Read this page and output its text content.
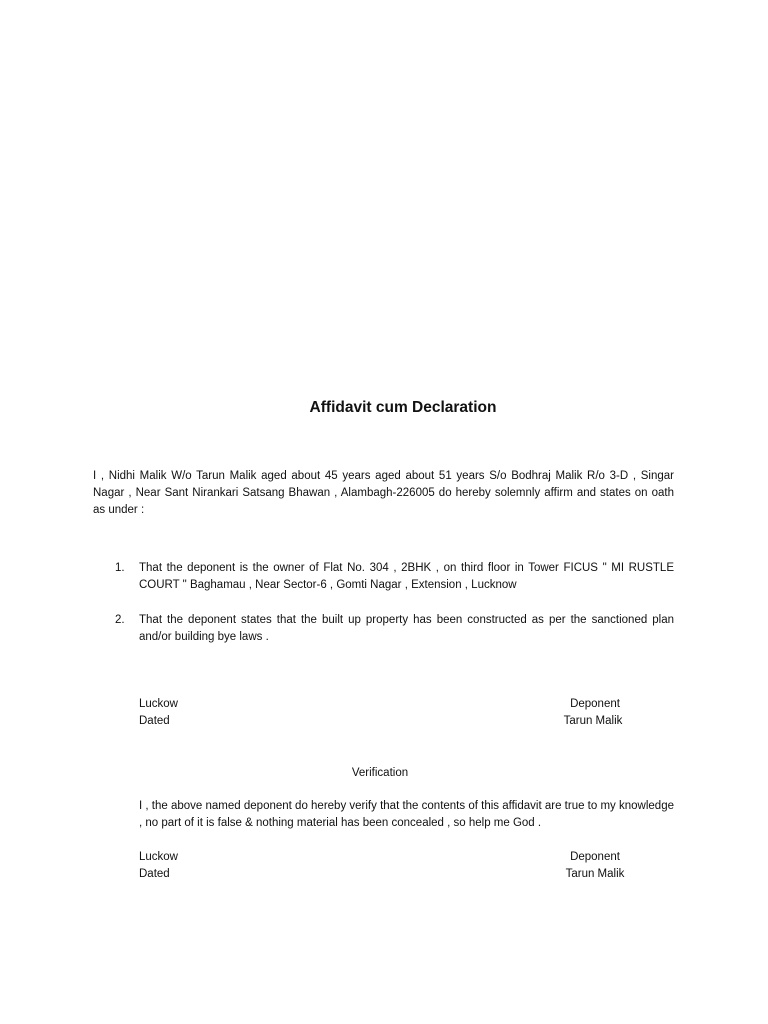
Affidavit cum Declaration
I , Nidhi Malik W/o Tarun Malik aged about 45 years aged about 51 years S/o Bodhraj Malik R/o 3-D , Singar Nagar , Near Sant Nirankari Satsang Bhawan , Alambagh-226005 do hereby solemnly affirm and states on oath as under :
1. That the deponent is the owner of Flat No. 304 , 2BHK , on third floor in Tower FICUS " MI RUSTLE COURT " Baghamau , Near Sector-6 , Gomti Nagar , Extension , Lucknow
2. That the deponent states that the built up property has been constructed as per the sanctioned plan and/or building bye laws .
Luckow
Dated
Deponent
Tarun Malik
Verification
I , the above named deponent do hereby verify that the contents of this affidavit are true to my knowledge , no part of it is false & nothing material has been concealed , so help me God .
Luckow
Dated
Deponent
Tarun Malik
